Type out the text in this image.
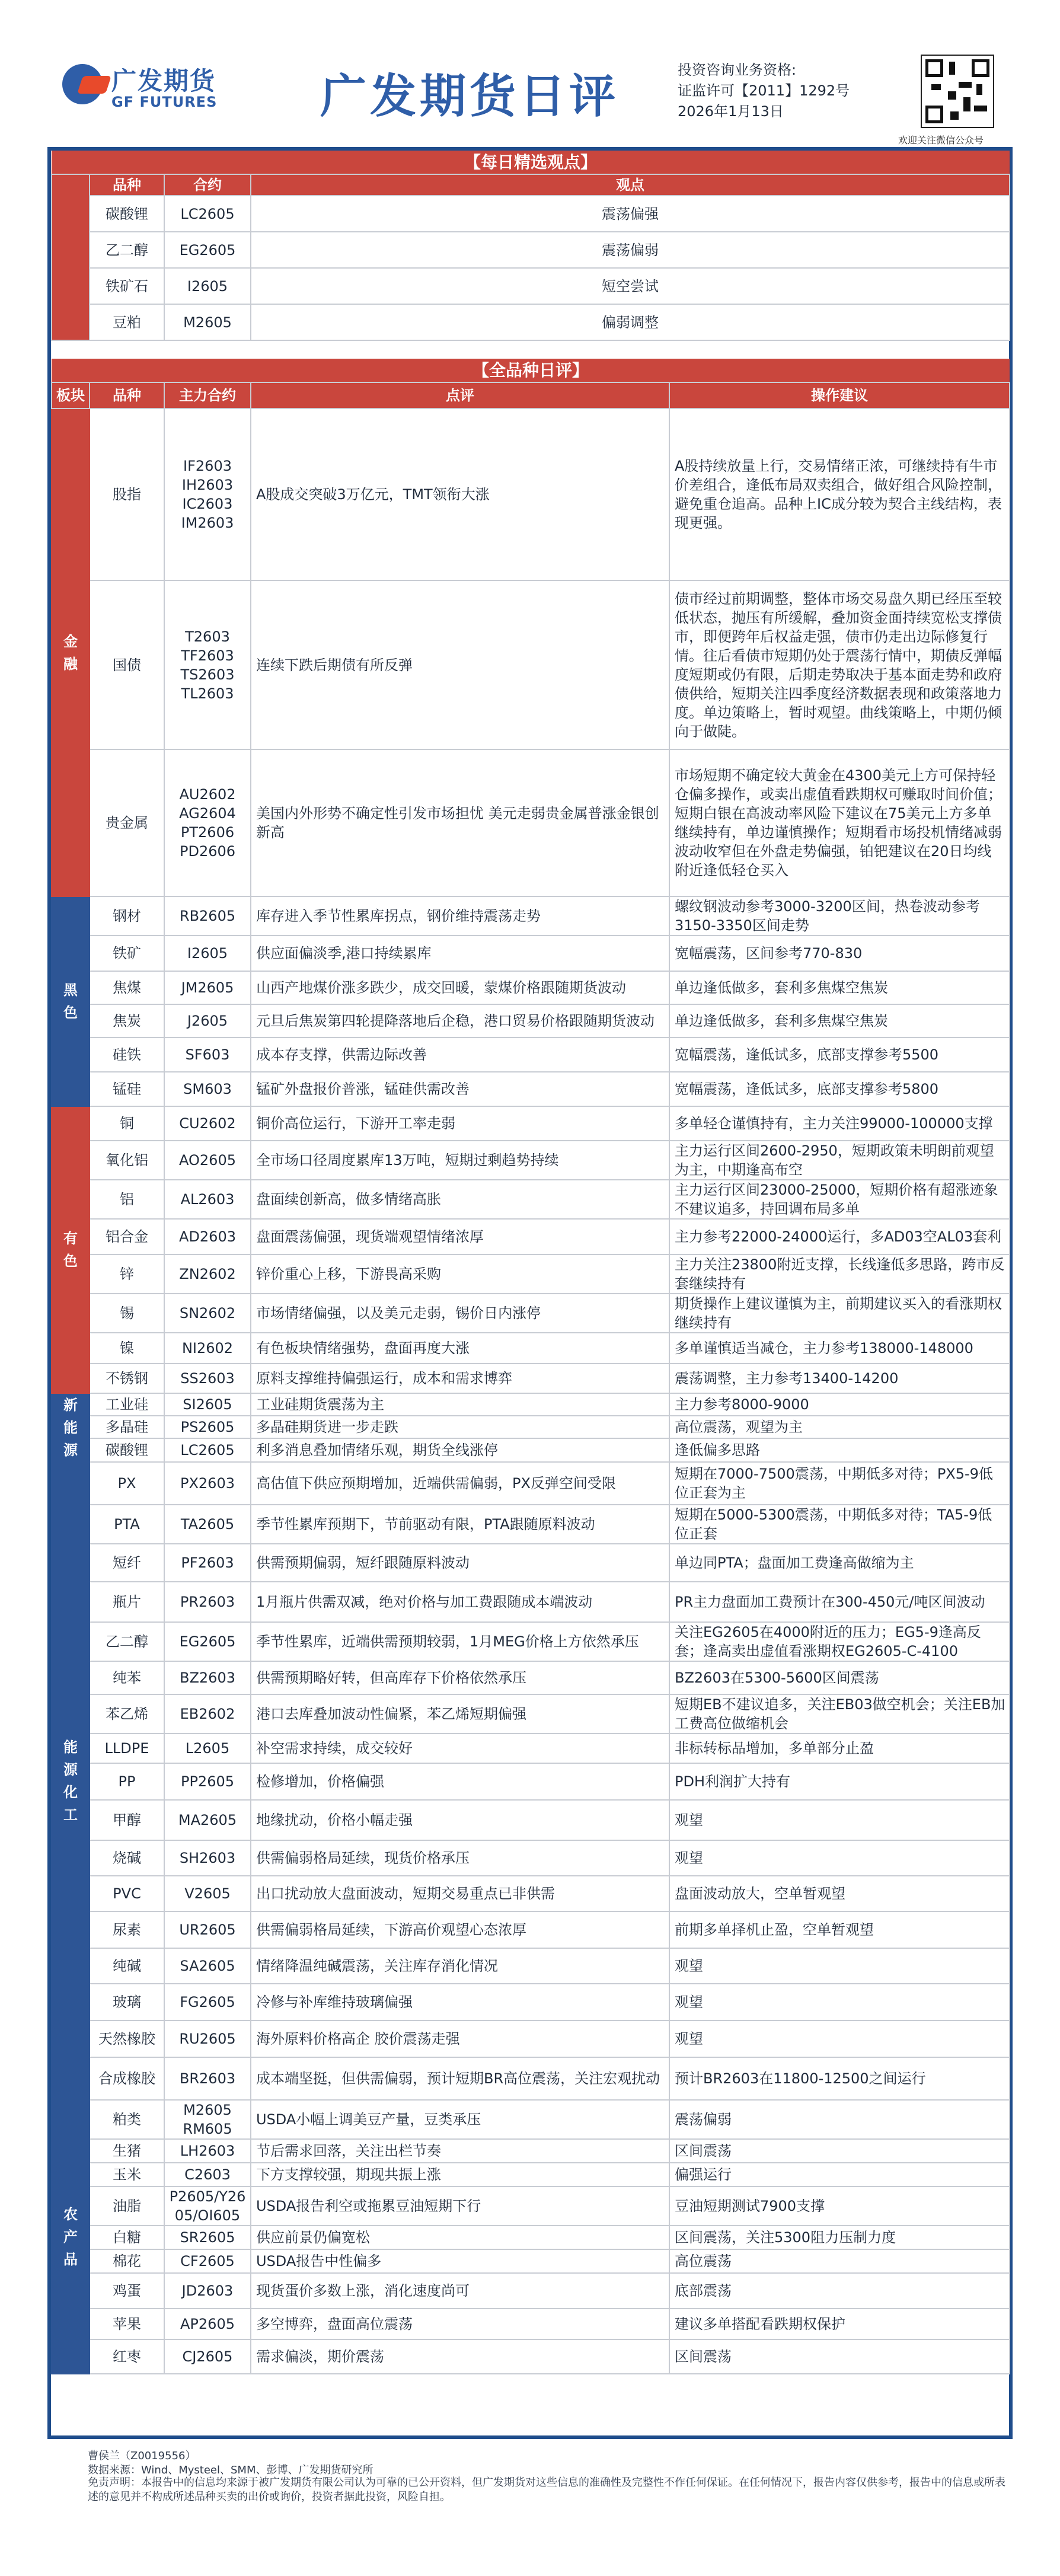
广发期货
GF FUTURES 广发期货日评	投资咨询业务资格:
证监许可【2011】1292号
2026年1月13日
欢迎关注微信公众号
【每日精选观点】			
	品种	合约	观点
	碳酸锂	LC2605	震荡偏强
	乙二醇	EG2605	震荡偏弱
	铁矿石	I2605	短空尝试
	豆粕	M2605	偏弱调整
【全品种日评】				
板块	品种	主力合约	点评	操作建议

金融	股指	IF2603
IH2603
IC2603
IM2603	A股成交突破3万亿元，TMT领衔大涨	A股持续放量上行，交易情绪正浓，可继续持有牛市价差组合，逢低布局双卖组合，做好组合风险控制，避免重仓追高。品种上IC成分较为契合主线结构，表现更强。
	国债	T2603
TF2603
TS2603
TL2603	连续下跌后期债有所反弹	债市经过前期调整，整体市场交易盘久期已经压至较低状态，抛压有所缓解，叠加资金面持续宽松支撑债市，即便跨年后权益走强，债市仍走出边际修复行情。往后看债市短期仍处于震荡行情中，期债反弹幅度短期或仍有限，后期走势取决于基本面走势和政府债供给，短期关注四季度经济数据表现和政策落地力度。单边策略上，暂时观望。曲线策略上，中期仍倾向于做陡。
	贵金属	AU2602
AG2604
PT2606
PD2606	美国内外形势不确定性引发市场担忧 美元走弱贵金属普涨金银创新高	市场短期不确定较大黄金在4300美元上方可保持轻仓偏多操作，或卖出虚值看跌期权可赚取时间价值；短期白银在高波动率风险下建议在75美元上方多单继续持有，单边谨慎操作；短期看市场投机情绪减弱波动收窄但在外盘走势偏强，铂钯建议在20日均线附近逢低轻仓买入

黑色	钢材	RB2605	库存进入季节性累库拐点，钢价维持震荡走势	螺纹钢波动参考3000-3200区间，热卷波动参考3150-3350区间走势
	铁矿	I2605	供应面偏淡季,港口持续累库	宽幅震荡，区间参考770-830
	焦煤	JM2605	山西产地煤价涨多跌少，成交回暖，蒙煤价格跟随期货波动	单边逢低做多，套利多焦煤空焦炭
	焦炭	J2605	元旦后焦炭第四轮提降落地后企稳，港口贸易价格跟随期货波动	单边逢低做多，套利多焦煤空焦炭
	硅铁	SF603	成本存支撑，供需边际改善	宽幅震荡，逢低试多，底部支撑参考5500
	锰硅	SM603	锰矿外盘报价普涨，锰硅供需改善	宽幅震荡，逢低试多，底部支撑参考5800

有色	铜	CU2602	铜价高位运行，下游开工率走弱	多单轻仓谨慎持有，主力关注99000-100000支撑
	氧化铝	AO2605	全市场口径周度累库13万吨，短期过剩趋势持续	主力运行区间2600-2950，短期政策未明朗前观望为主，中期逢高布空
	铝	AL2603	盘面续创新高，做多情绪高胀	主力运行区间23000-25000，短期价格有超涨迹象不建议追多，持回调布局多单
	铝合金	AD2603	盘面震荡偏强，现货端观望情绪浓厚	主力参考22000-24000运行，多AD03空AL03套利
	锌	ZN2602	锌价重心上移，下游畏高采购	主力关注23800附近支撑，长线逢低多思路，跨市反套继续持有
	锡	SN2602	市场情绪偏强，以及美元走弱，锡价日内涨停	期货操作上建议谨慎为主，前期建议买入的看涨期权继续持有
	镍	NI2602	有色板块情绪强势，盘面再度大涨	多单谨慎适当减仓，主力参考138000-148000
	不锈钢	SS2603	原料支撑维持偏强运行，成本和需求博弈	震荡调整，主力参考13400-14200

新能源	工业硅	SI2605	工业硅期货震荡为主	主力参考8000-9000
	多晶硅	PS2605	多晶硅期货进一步走跌	高位震荡，观望为主
	碳酸锂	LC2605	利多消息叠加情绪乐观，期货全线涨停	逢低偏多思路

能源化工	PX	PX2603	高估值下供应预期增加，近端供需偏弱，PX反弹空间受限	短期在7000-7500震荡，中期低多对待；PX5-9低位正套为主
	PTA	TA2605	季节性累库预期下，节前驱动有限，PTA跟随原料波动	短期在5000-5300震荡，中期低多对待；TA5-9低位正套
	短纤	PF2603	供需预期偏弱，短纤跟随原料波动	单边同PTA；盘面加工费逢高做缩为主
	瓶片	PR2603	1月瓶片供需双减，绝对价格与加工费跟随成本端波动	PR主力盘面加工费预计在300-450元/吨区间波动
	乙二醇	EG2605	季节性累库，近端供需预期较弱，1月MEG价格上方依然承压	关注EG2605在4000附近的压力；EG5-9逢高反套；逢高卖出虚值看涨期权EG2605-C-4100
	纯苯	BZ2603	供需预期略好转，但高库存下价格依然承压	BZ2603在5300-5600区间震荡
	苯乙烯	EB2602	港口去库叠加波动性偏紧，苯乙烯短期偏强	短期EB不建议追多，关注EB03做空机会；关注EB加工费高位做缩机会
	LLDPE	L2605	补空需求持续，成交较好	非标转标品增加，多单部分止盈
	PP	PP2605	检修增加，价格偏强	PDH利润扩大持有
	甲醇	MA2605	地缘扰动，价格小幅走强	观望
	烧碱	SH2603	供需偏弱格局延续，现货价格承压	观望
	PVC	V2605	出口扰动放大盘面波动，短期交易重点已非供需	盘面波动放大，空单暂观望
	尿素	UR2605	供需偏弱格局延续，下游高价观望心态浓厚	前期多单择机止盈，空单暂观望
	纯碱	SA2605	情绪降温纯碱震荡，关注库存消化情况	观望
	玻璃	FG2605	冷修与补库维持玻璃偏强	观望
	天然橡胶	RU2605	海外原料价格高企 胶价震荡走强	观望
	合成橡胶	BR2603	成本端坚挺，但供需偏弱，预计短期BR高位震荡，关注宏观扰动	预计BR2603在11800-12500之间运行

农产品	粕类	M2605
RM605	USDA小幅上调美豆产量，豆类承压	震荡偏弱
	生猪	LH2603	节后需求回落，关注出栏节奏	区间震荡
	玉米	C2603	下方支撑较强，期现共振上涨	偏强运行
	油脂	P2605/Y26
05/OI605	USDA报告利空或拖累豆油短期下行	豆油短期测试7900支撑
	白糖	SR2605	供应前景仍偏宽松	区间震荡，关注5300阻力压制力度
	棉花	CF2605	USDA报告中性偏多	高位震荡
	鸡蛋	JD2603	现货蛋价多数上涨，消化速度尚可	底部震荡
	苹果	AP2605	多空博弈，盘面高位震荡	建议多单搭配看跌期权保护
	红枣	CJ2605	需求偏淡，期价震荡	区间震荡
曹侯兰（Z0019556）
数据来源：Wind、Mysteel、SMM、彭博、广发期货研究所
免责声明：本报告中的信息均来源于被广发期货有限公司认为可靠的已公开资料，但广发期货对这些信息的准确性及完整性不作任何保证。在任何情况下，报告内容仅供参考，报告中的信息或所表述的意见并不构成所述品种买卖的出价或询价，投资者据此投资，风险自担。
